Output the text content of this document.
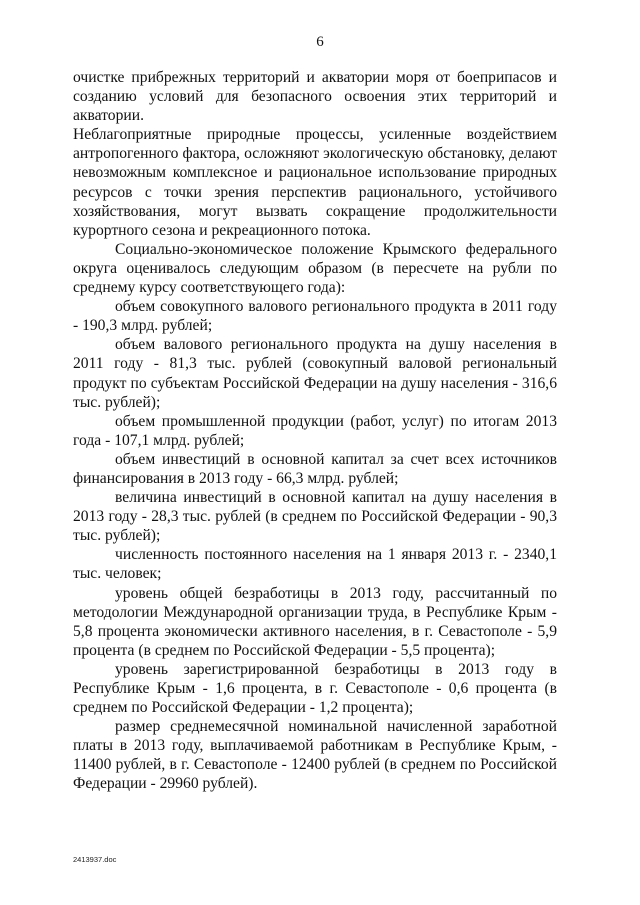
6

очистке прибрежных территорий и акватории моря от боеприпасов и созданию условий для безопасного освоения этих территорий и акватории.

Неблагоприятные природные процессы, усиленные воздействием антропогенного фактора, осложняют экологическую обстановку, делают невозможным комплексное и рациональное использование природных ресурсов с точки зрения перспектив рационального, устойчивого хозяйствования, могут вызвать сокращение продолжительности курортного сезона и рекреационного потока.

Социально-экономическое положение Крымского федерального округа оценивалось следующим образом (в пересчете на рубли по среднему курсу соответствующего года):

объем совокупного валового регионального продукта в 2011 году - 190,3 млрд. рублей;

объем валового регионального продукта на душу населения в 2011 году - 81,3 тыс. рублей (совокупный валовой региональный продукт по субъектам Российской Федерации на душу населения - 316,6 тыс. рублей);

объем промышленной продукции (работ, услуг) по итогам 2013 года - 107,1 млрд. рублей;

объем инвестиций в основной капитал за счет всех источников финансирования в 2013 году - 66,3 млрд. рублей;

величина инвестиций в основной капитал на душу населения в 2013 году - 28,3 тыс. рублей (в среднем по Российской Федерации - 90,3 тыс. рублей);

численность постоянного населения на 1 января 2013 г. - 2340,1 тыс. человек;

уровень общей безработицы в 2013 году, рассчитанный по методологии Международной организации труда, в Республике Крым - 5,8 процента экономически активного населения, в г. Севастополе - 5,9 процента (в среднем по Российской Федерации - 5,5 процента);

уровень зарегистрированной безработицы в 2013 году в Республике Крым - 1,6 процента, в г. Севастополе - 0,6 процента (в среднем по Российской Федерации - 1,2 процента);

размер среднемесячной номинальной начисленной заработной платы в 2013 году, выплачиваемой работникам в Республике Крым, - 11400 рублей, в г. Севастополе - 12400 рублей (в среднем по Российской Федерации - 29960 рублей).

2413937.doc
